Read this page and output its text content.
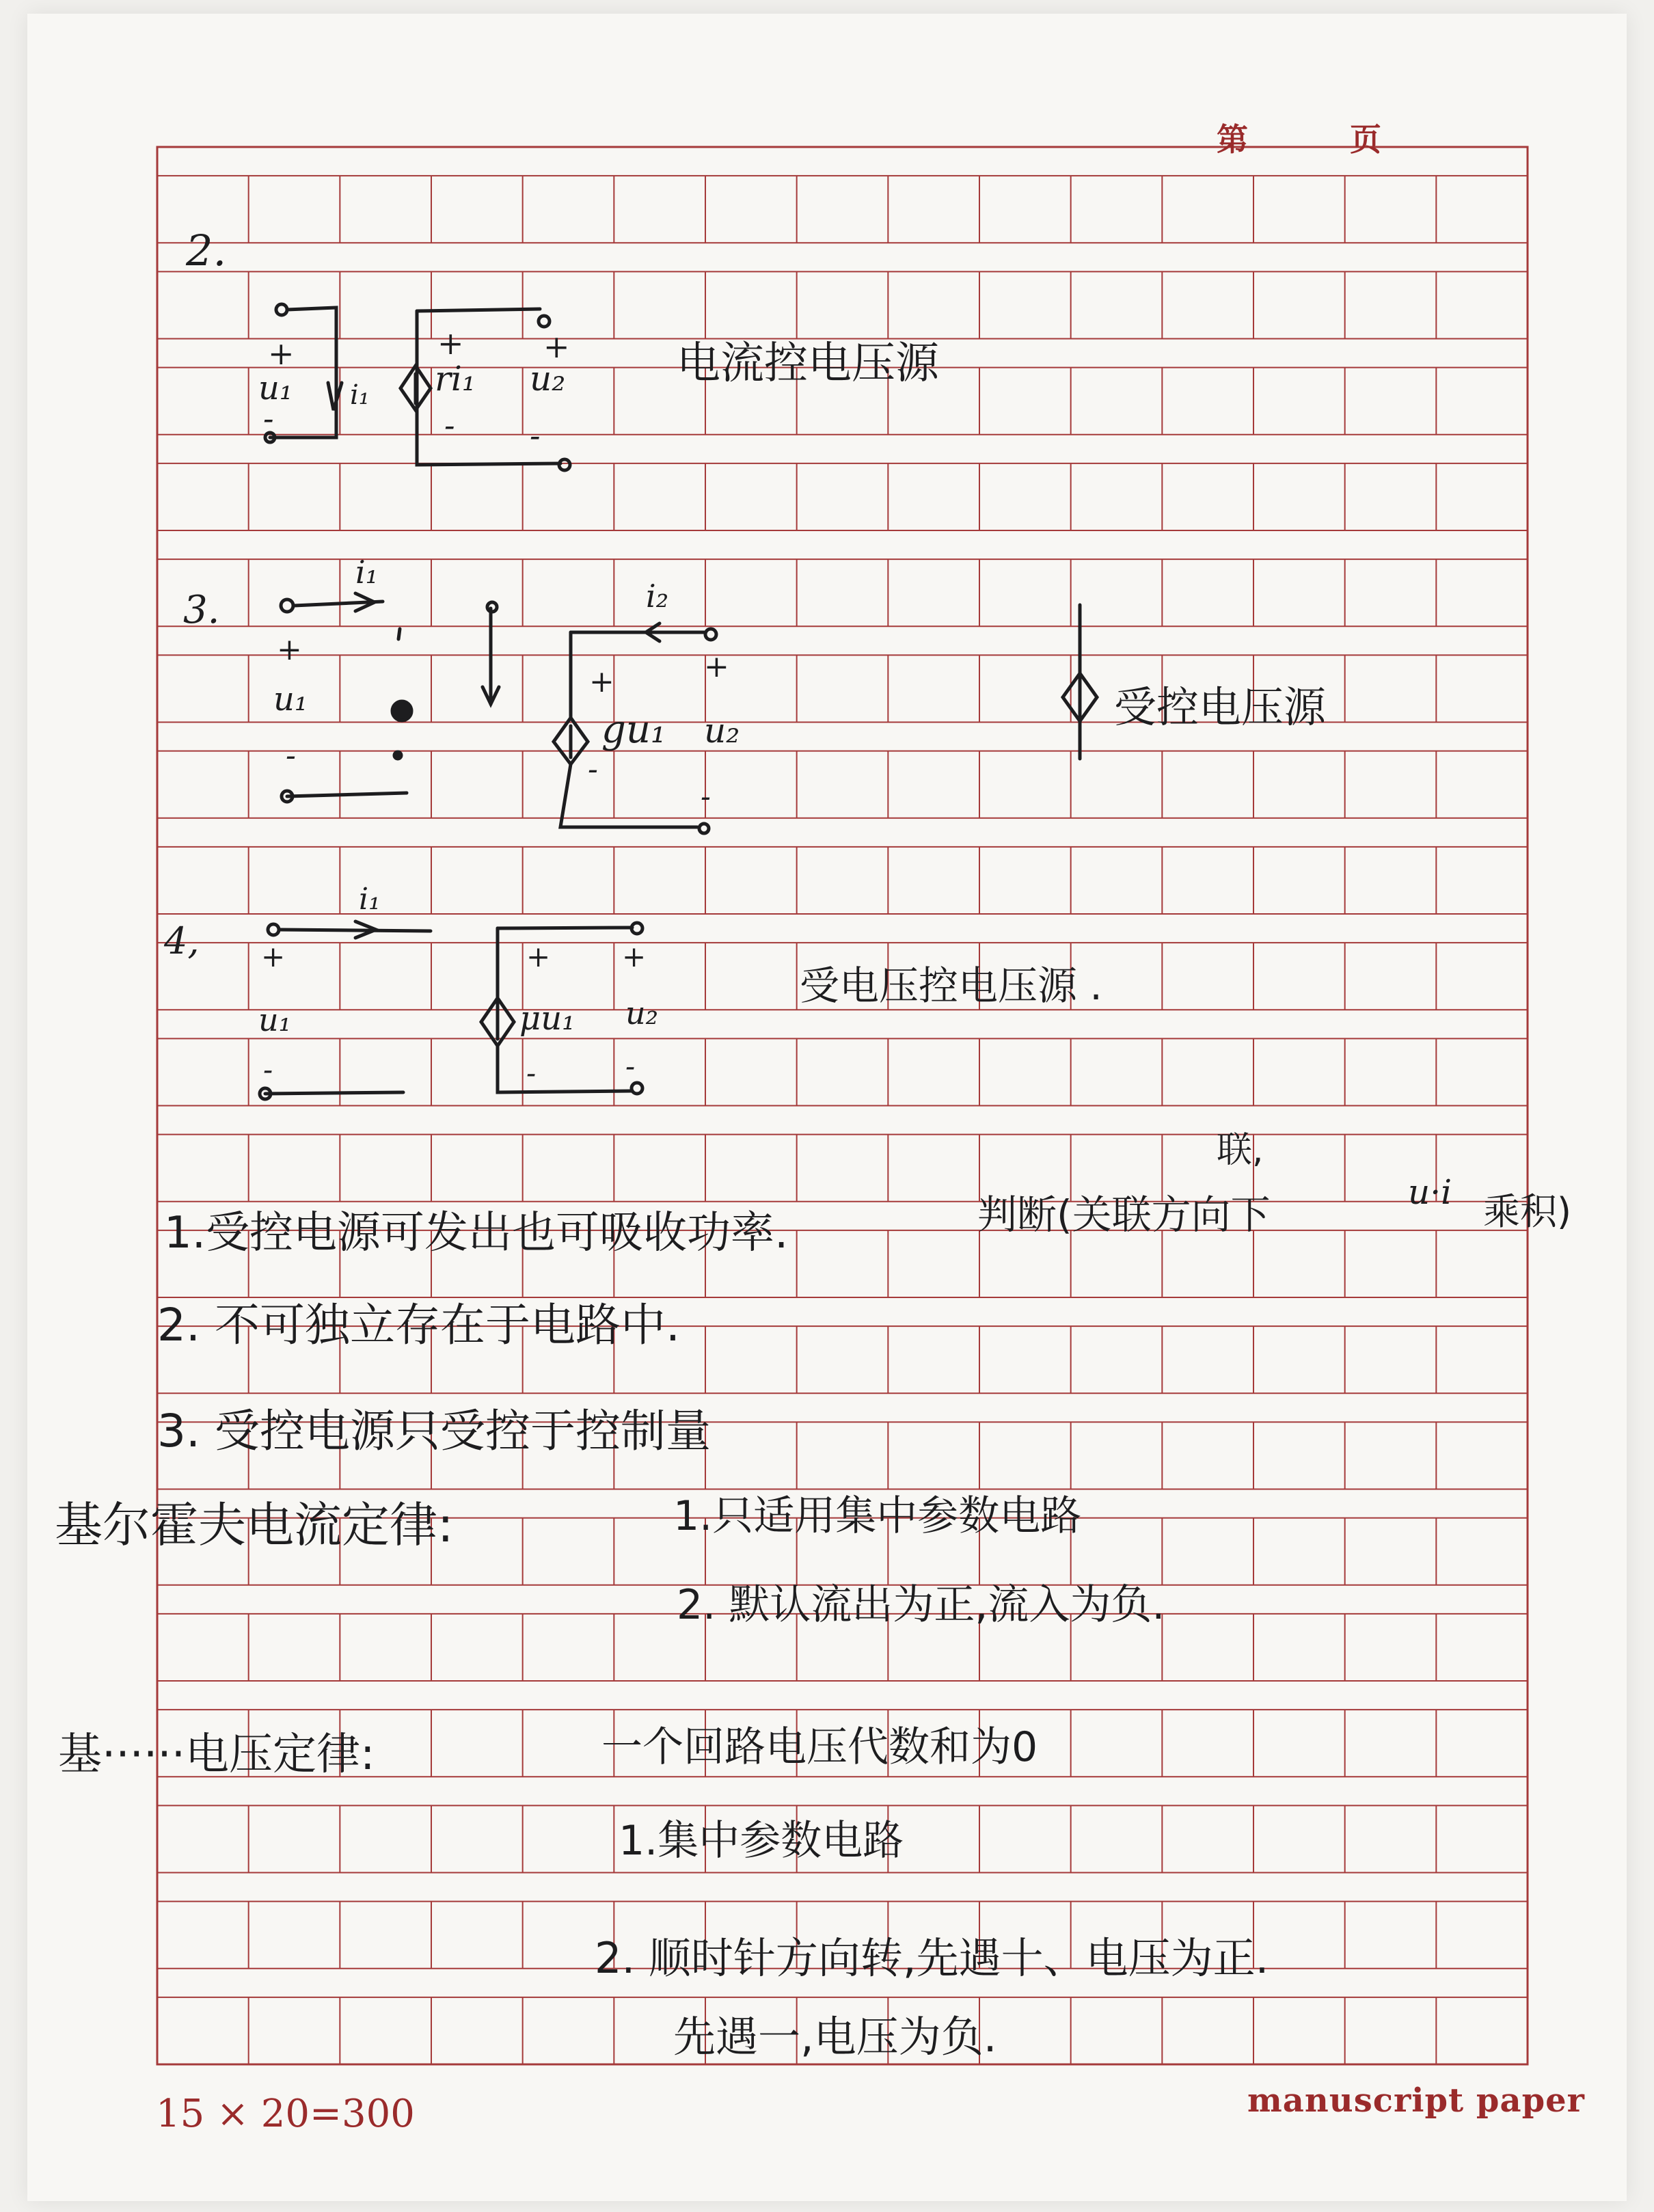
第	页
2.
电流控电压源
+
u₁
-
i₁
+
ri₁
-
+
u₂
-
3.
i₁
i₂
+
u₁
-
+
gu₁
-
+
u₂
-
受控电压源
4,
i₁
+
u₁
-
+
μu₁
-
+
u₂
-
受电压控电压源 .
1.受控电源可发出也可吸收功率.	判断(关联方向下
联,
u·i 乘积)
2. 不可独立存在于电路中.
3. 受控电源只受控于控制量
基尔霍夫电流定律:	1.只适用集中参数电路
2. 默认流出为正,流入为负.
基······电压定律:	一个回路电压代数和为0
1.集中参数电路
2. 顺时针方向转,先遇十、电压为正.
先遇一,电压为负.
15 × 20=300	manuscript paper
